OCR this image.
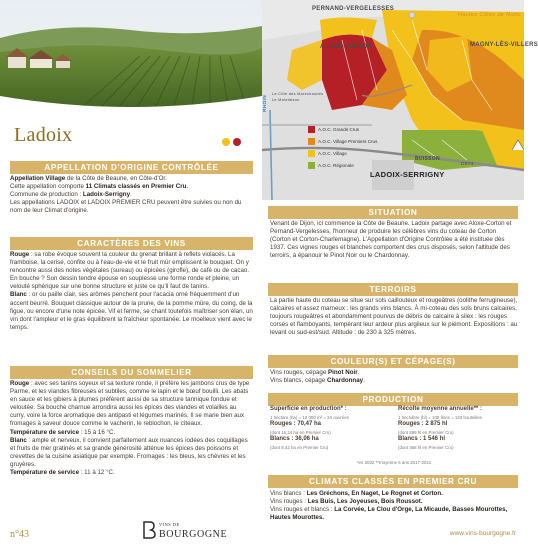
Ladoix
APPELLATION D'ORIGINE CONTRÔLÉE
Appellation Village de la Côte de Beaune, en Côte-d'Or.
Cette appellation comporte 11 Climats classés en Premier Cru.
Commune de production : Ladoix-Serrigny.
Les appellations LADOIX et LADOIX PREMIER CRU peuvent être suivies ou non du nom de leur Climat d'origine.
CARACTÈRES DES VINS
Rouge : sa robe évoque souvent la couleur du grenat brillant à reflets violacés. La framboise, la cerise, confite ou à l'eau-de-vie et le fruit mûr emplissent le bouquet. On y rencontre aussi des notes végétales (sureau) ou épicées (girofle), de café ou de cacao. En bouche ? Son dessin tendre épouse en souplesse une forme ronde et pleine, un velouté sphérique sur une bonne structure et juste ce qu'il faut de tanins.
Blanc : or ou paille clair, ses arômes penchent pour l'acacia orné fréquemment d'un accent beurré. Bouquet classique autour de la prune, de la pomme mûre, du coing, de la figue, ou encore d'une note épicée. Vif et ferme, se chant toutefois maîtriser son élan, un vin dont l'ampleur et le gras équilibrent la fraîcheur spontanée. Le moelleux vient avec le temps.
CONSEILS DU SOMMELIER
Rouge : avec ses tanins soyeux et sa texture ronde, il préfère les jambons crus de type Parme, et les viandes fibreuses et subtiles, comme le lapin et le bœuf bouilli. Les abats en sauce et les gibiers à plumes préfèrent aussi de sa structure tannique fondue et veloutée. Sa bouche charnue arrondira aussi les épices des viandes et volailles au curry, voire la force aromatique des antipasti et légumes marinés. Il se marie bien aux fromages à saveur douce comme le vacherin, le reblochon, le cîteaux.
Température de service : 15 à 16 °C.
Blanc : ample et nerveux, il convient parfaitement aux nuances iodées des coquillages et fruits de mer gratinés et sa grande générosité atténue les épices des poissons et crevettes de la cuisine asiatique par exemple. Fromages : les bleus, les chèvres et les gruyères.
Température de service : 11 à 12 °C.
n°43
VINS DE
BOURGOGNE
PERNAND-VERGELESSES
ALOXE-CORTON
LADOIX-SERRIGNY
MAGNY-LÈS-VILLERS
BUISSON
Hautes Côtes de Nuits
RHOIN
D974
La Côte des Marechaudes
Le Maletaison
A.O.C. Grands Crus
A.O.C. Village Premiers Crus
A.O.C. Village
A.O.C. Régionale
SITUATION
Venant de Dijon, ici commence la Côte de Beaune. Ladoix partage avec Aloxe-Corton et Pernand-Vergelesses, l'honneur de produire les célèbres vins du coteau de Corton (Corton et Corton-Charlemagne). L'Appellation d'Origine Contrôlée a été instituée dès 1937. Ces vignes rouges et blanches comportent des crus disposés, selon l'altitude des terroirs, à épanouir le Pinot Noir ou le Chardonnay.
TERROIRS
La partie haute du coteau se situe sur sols caillouteux et rougeâtres (oolithe ferrugineuse), calcaires et assez marneux : les grands vins blancs. À mi-coteau des sols bruns calcaires, toujours rougeâtres et abondamment pourvus de débris de calcaire à silex : les rouges corsés et flamboyants, tempérant leur ardeur plus argileux sur le piémont. Expositions : au levant ou sud-est/sud. Altitude : de 230 à 325 mètres.
COULEUR(S) ET CÉPAGE(S)
Vins rouges, cépage Pinot Noir.
Vins blancs, cépage Chardonnay.
PRODUCTION
Superficie en production* :
1 hectare (ha) = 10 000 m² = 24 ouvrées
Rouges : 70,47 ha
(dont 16,24 ha en Premier Cru)
Blancs : 36,06 ha
(dont 8,42 ha en Premier Cru)
Récolte moyenne annuelle** :
1 hectolitre (hl) = 100 litres = 133 bouteilles
Rouges : 2 875 hl
(dont 599 hl en Premier Cru)
Blancs : 1 546 hl
(dont 368 hl en Premier Cru)
*en 2022 **moyenne 5 ans 2017-2021
CLIMATS CLASSÉS EN PREMIER CRU
Vins blancs : Les Gréchons, En Naget, Le Rognet et Corton.
Vins rouges : Les Buis, Les Joyeuses, Bois Roussot.
Vins rouges et blancs : La Corvée, Le Clou d'Orge, La Micaude, Basses Mourottes, Hautes Mourottes.
www.vins-bourgogne.fr
